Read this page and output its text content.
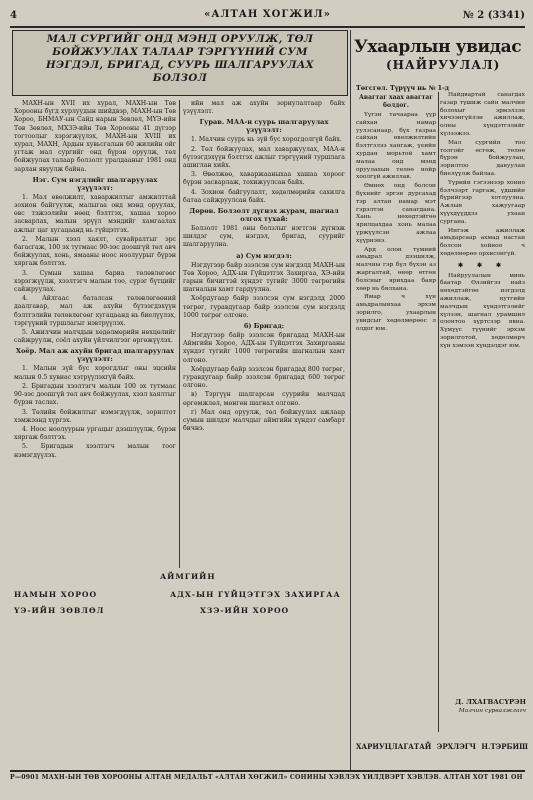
4	«АЛТАН ХОГЖИЛ»	№ 2 (3341)
МАЛ СУРГИЙГ ОНД МЭНД ОРУУЛЖ, ТӨЛ
БОЙЖУУЛАХ ТАЛААР ТЭРГҮҮНИЙ СУМ
НЭГДЭЛ, БРИГАД, СУУРЬ ШАЛГАРУУЛАХ
БОЛЗОЛ

МАХН-ын XVII их хурал, МАХН-ын Төв Хорооны бүгд хурлуудын шийдвэр, МАХН-ын Төв Хороо, БНМАУ-ын Сайд нарын Зөвлөл, МҮЭ-ийн Төв Зөвлөл, МХЗЭ-ийн Төв Хорооны 41 дүгээр тогтоолыг хэрэгжүүлэх, МАХН-ын XVIII их хурал, МАХН, Ардын хувьсгалын 60 жилийн ойг угтаж мал сургийг онд бүрэн оруулж, төл бойжуулах талаар болзолт уралдааныг 1981 онд зарлан явуулж байна.

Нэг. Сум нэгдлийг шалгаруулах үзүүлэлт:

1. Мал өвөлжилт, хаваржилтыг амжилттай зохион байгуулж, малыгаа онд мэнд оруулах, өвс тэжээлийн нөөц бэлтгэх, хашаа хороо засварлах, малын эрүүл мэндийг хамгаалах ажлыг цаг хугацаанд нь гүйцэтгэх.

2. Малын хээл хаялт, сувайралтыг эрс багасгаж, 100 эх тутмаас 90-ээс доошгүй төл авч бойжуулах, хонь, ямааны ноос ноолуурыг бүрэн хяргаж бэлтгэх.

3. Сумын хашаа бариа төлөвлөгөөг хэрэгжүүлж, хээлтэгч малын тоо, сүрэг бүтцийг сайжруулах.

4. Айлгаас баталсан төлөвлөгөөний даалгавар, мал аж ахуйн бүтээгдэхүүн бэлтгэлийн төлөвлөгөөг хугацаанд нь биелүүлэх, тэргүүний туршлагыг нэвтрүүлэх.

5. Ажилчин малчдын хөдөлмөрийн нөхцөлийг сайжруулж, соёл ахуйн үйлчилгээг өргөжүүлэх.

Хоёр. Мал аж ахуйн бригад шалгаруулах үзүүлэлт:

1. Малын зүй бус хорогдлыг оны эцсийн малын 0.5 хувиас хэтрүүлэхгүй байх.

2. Бригадын хээлтэгч малын 100 эх тутмаас 90-ээс доошгүй төл авч бойжуулах, хээл хаялтыг бүрэн таслах.

3. Төлийн бойжилтыг нэмэгдүүлж, зорилтот хэмжээнд хүргэх.

4. Ноос ноолуурын ургацыг дээшлүүлж, бүрэн хяргаж бэлтгэх.

5. Бригадын хээлтэгч малын тоог нэмэгдүүлэх.

ийн мал аж ахуйн зориулалтаар байх үзүүлэлт.

Гурав. МАА-н суурь шалгаруулах үзүүлэлт:

1. Малчин суурь нь зүй бус хорогдолгүй байх.

2. Төл бойжуулах, мал хаваржуулах, МАА-н бүтээгдэхүүн бэлтгэх ажлыг тэргүүний туршлага ашиглан хийх.

3. Өвөлжөө, хаваржааныхаа хашаа хороог бүрэн засварлаж, тохижуулсан байх.

4. Зохион байгуулалт, хөдөлмөрийн сахилга батаа сайжруулсан байх.

Дөрөв. Болзолт дүгнэх журам, шагнал олгох тухай:

Болзолт 1981 оны болзлыг нэгтгэн дүгнэж шилдэг сум, нэгдэл, бригад, суурийг шалгаруулна.

а) Сум нэгдэл:

Нэгдүгээр байр эзэлсэн сум нэгдэлд МАХН-ын Төв Хороо, АДХ-ын Гүйцэтгэх Захиргаа, ХЭ-ийн гарын бичигтэй хүндэт тугийг 3000 төгрөгийн шагналын хамт гардуулна.

Хоёрдугаар байр эзэлсэн сум нэгдэлд 2000 төгрөг, гуравдугаар байр эзэлсэн сум нэгдэлд 1000 төгрөг олгоно.

б) Бригад:

Нэгдүгээр байр эзэлсэн бригадад МАХН-ын Аймгийн Хороо, АДХ-ын Гүйцэтгэх Захиргааны хүндэт тугийг 1000 төгрөгийн шагналын хамт олгоно.

Хоёрдугаар байр эзэлсэн бригадад 800 төгрөг, гуравдугаар байр эзэлсэн бригадад 600 төгрөг олгоно.

в) Тэргүүн шалгарсан суурийн малчдад өргөмжлөл, мөнгөн шагнал олгоно.

г) Мал онд оруулж, төл бойжуулах ажлаар сумын шилдэг малчдыг аймгийн хүндэт самбарт бичнэ.

АЙМГИЙН
НАМЫН ХОРОО	АДХ-ЫН ГҮЙЦЭТГЭХ ЗАХИРГАА
ҮЭ-ИЙН ЗӨВЛӨЛ	ХЗЭ-ИЙН ХОРОО
Ухаарлын увидас
(НАЙРУУЛАЛ)
Төгсгөл. Түрүүч нь № 1-д
Авагтаг хаах авагтаг болдог.

Үүгэн тачаараа үүр сайхан намар уулзсанаар, бүх газраа сайхан өвөлжилтийн бэлтгэлээ хангаж, үеийн хурдан морьтой хамт малаа онд мэнд оруулахын төлөө нойр хоолгүй ажиллав.

Өмнөх онд болсон бүхнийг эргэн дурсахад тэр алтан намар мэт гэрэлтэн санагдана. Хань нөхөдтэйгөө ярилцахдаа хонь малаа үржүүлсэн ажлаа хүүрнэнэ.

Ард олон түмний амьдрал дээшилж, малчны гэр бүл бүхэн аз жаргалтай, өнөр өтгөн болсныг ярихдаа баяр хөөр нь бялхана.

Ямар ч хүн амьдралынхаа эрхэм зорилго, ухаарлын увидсыг хөдөлмөрөөс л олдог юм.

Найдвартай санагдах газар түшиж сайн малчин болохыг эрмэлзэн хичээнгүйлэн ажиллаж, олны хүндэтгэлийг хүлээжээ.

Мал сургийн тоо толгойг өсгөж, төлөө бүрэн бойжуулан, зорилтоо давуулан биелүүлж байлаа.

Үүрийн гэгээнээр хонио бэлчээрт гаргаж, үдшийн бүрийгээр хотлуулна. Ажлын хажуугаар хүүхдүүддээ ухаан сургана.

Ингэж ажиллаж амьдарсаар ахмад настан болсон хойноо ч хөдөлмөрөө орхисонгүй.

✱ ✱ ✱

Найруулалын минь баатар Өлзийгээ найз нөхөдтэйгөө нэгдэлд ажиллаж, нутгийн малчдын хүндэтгэлийг хүлээн, шагнал урамшил олонтоо хүртсээр явна. Хүмүүс түүнийг эрхэм зорилготой, хөдөлмөрч хүн хэмээн хүндэлдэг юм.

Д. ЛХАГВАСҮРЭН
Малчин сурвалжлагч
ХАРИУЦЛАГАТАЙ ЭРХЛЭГЧ Н.ТЭРБИШ
Р—0901 МАХН-ЫН ТӨВ ХОРООНЫ АЛТАН МЕДАЛЬТ «АЛТАН ХӨГЖИЛ» СОНИНЫ ХЭВЛЭХ ҮЙЛДВЭРТ ХЭВЛЭВ. АЛТАН ХОТ 1981 ОН
